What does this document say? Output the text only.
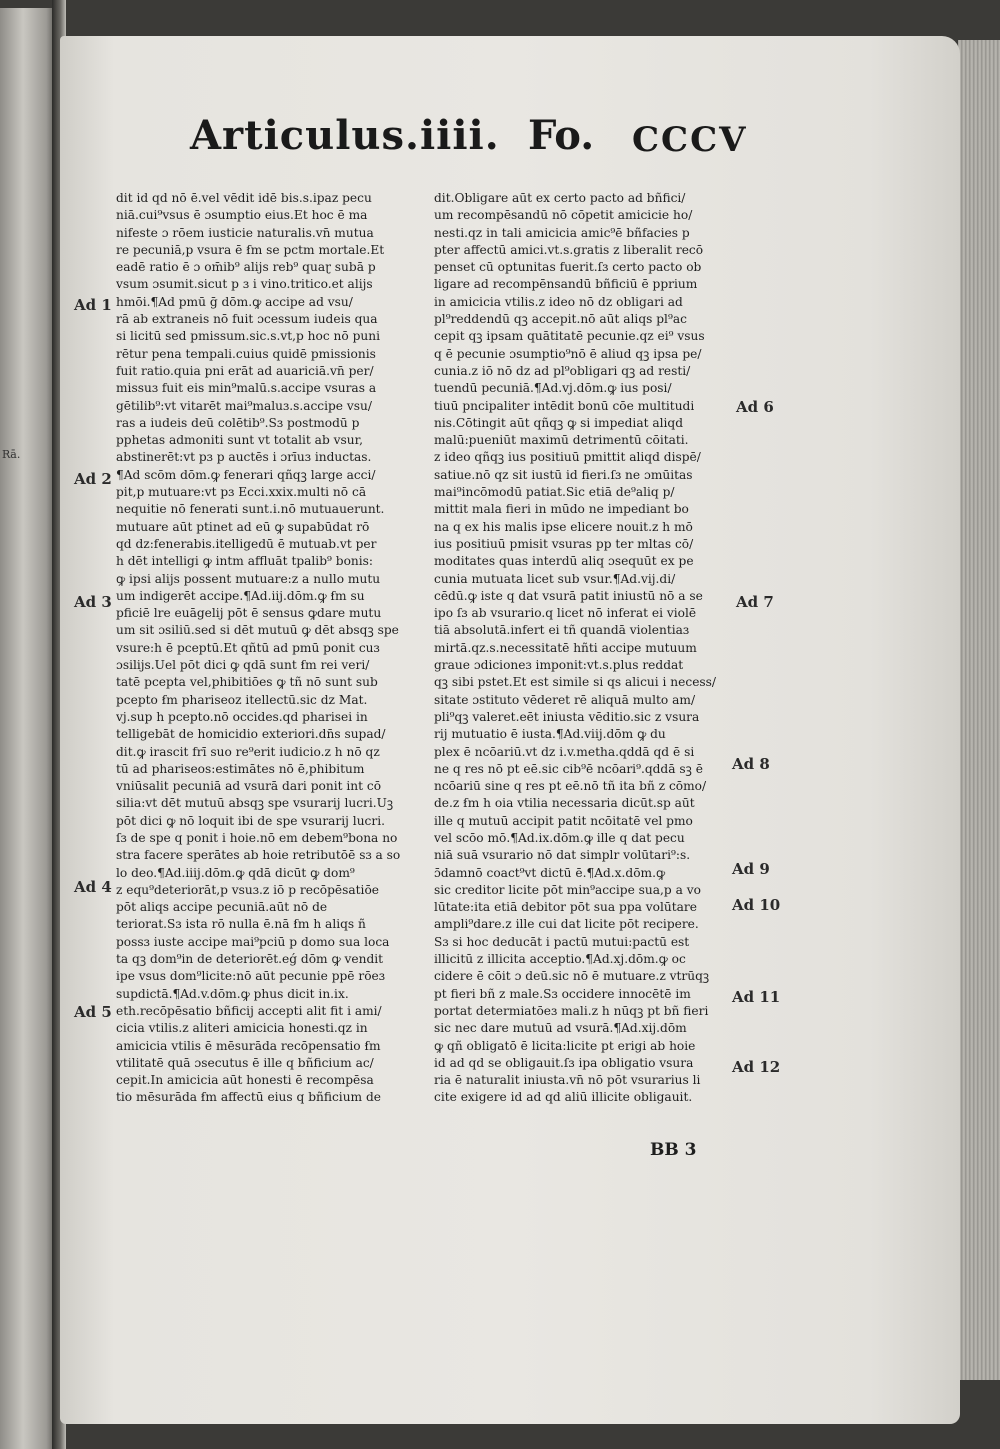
Rā.
Articulus.iiii. Fo. CCCV
dit id qd nō ē.vel vēdit idē bis.s.ipaz pecu
niā.cui⁹vsus ē ɔsumptio eius.Et hoc ē ma
nifeste ɔ rōem iusticie naturalis.vn̄ mutua
re pecuniā,p vsura ē ẜm se pctm mortale.Et
eadē ratio ē ɔ om̄ib⁹ alijs reb⁹ quaɽ subā p
vsum ɔsumit.sicut p ɜ i vino.tritico.et alijs
hmōi.¶Ad pmū ḡ dōm.ꝙ accipe ad vsu/
rā ab extraneis nō fuit ɔcessum iudeis qua
si licitū sed pmissum.sic.s.vt,p hoc nō puni
rētur pena tempali.cuius quidē pmissionis
fuit ratio.quia pni erāt ad auariciā.vn̄ per/
missuɜ fuit eis min⁹malū.s.accipe vsuras a
gētilib⁹:vt vitarēt mai⁹maluɜ.s.accipe vsu/
ras a iudeis deū colētib⁹.Sɜ postmodū p
pphetas admoniti sunt vt totalit ab vsur,
abstinerēt:vt pɜ p auctēs i ɔrīuɜ inductas.
¶Ad scōm dōm.ꝙ fenerari qñqꝫ large acci/
pit,p mutuare:vt pɜ Ecci.xxix.multi nō cā
nequitie nō fenerati sunt.i.nō mutuauerunt.
mutuare aūt ptinet ad eū ꝙ supabūdat rō
qd dz:fenerabis.itelligedū ē mutuab.vt per
h dēt intelligi ꝙ intm affluāt tpalib⁹ bonis:
ꝙ ipsi alijs possent mutuare:z a nullo mutu
um indigerēt accipe.¶Ad.iij.dōm.ꝙ ẜm su
pficiē lre euāgelij pōt ē sensus ꝙdare mutu
um sit ɔsiliū.sed si dēt mutuū ꝙ dēt absqꝫ spe
vsure:h ē pceptū.Et qñtū ad pmū ponit cuɜ
ɔsilijs.Uel pōt dici ꝙ qdā sunt ẜm rei veri/
tatē pcepta vel,phibitiōes ꝙ tñ nō sunt sub
pcepto ẜm phariseoz itellectū.sic dz Mat.
vj.sup h pcepto.nō occides.qd pharisei in
telligebāt de homicidio exteriori.dn̄s supad/
dit.ꝙ irascit frī suo re⁹erit iudicio.z h nō qz
tū ad phariseos:estimātes nō ē,phibitum
vniūsalit pecuniā ad vsurā dari ponit int cō
silia:vt dēt mutuū absqꝫ spe vsurarij lucri.Uꝫ
pōt dici ꝙ nō loquit ibi de spe vsurarij lucri.
ſɜ de spe q ponit i hoie.nō em debem⁹bona no
stra facere sperātes ab hoie retributōē sɜ a so
lo deo.¶Ad.iiij.dōm.ꝙ qdā dicūt ꝙ dom⁹
z equ⁹deteriorāt,p vsuɜ.z iō p recōpēsatiōe
pōt aliqs accipe pecuniā.aūt nō de
teriorat.Sɜ ista rō nulla ē.nā ẜm h aliqs ñ
possɜ iuste accipe mai⁹pciū p domo sua loca
ta qꝫ dom⁹in de deteriorēt.eǵ dōm ꝙ vendit
ipe vsus dom⁹licite:nō aūt pecunie ppē rōeɜ
supdictā.¶Ad.v.dōm.ꝙ phus dicit in.ix.
eth.recōpēsatio bñficij accepti alit fit i ami/
cicia vtilis.z aliteri amicicia honesti.qz in
amicicia vtilis ē mēsurāda recōpensatio ẜm
vtilitatē quā ɔsecutus ē ille q bñficium ac/
cepit.In amicicia aūt honesti ē recompēsa
tio mēsurāda ẜm affectū eius q bñficium de
dit.Obligare aūt ex certo pacto ad bñfici/
um recompēsandū nō cōpetit amicicie ho/
nesti.qz in tali amicicia amic⁹ē bñfacies p
pter affectū amici.vt.s.gratis z liberalit recō
penset cū optunitas fuerit.ſɜ certo pacto ob
ligare ad recompēnsandū bñficiū ē pprium
in amicicia vtilis.z ideo nō dz obligari ad
pl⁹reddendū qꝫ accepit.nō aūt aliqs pl⁹ac
cepit qꝫ ipsam quātitatē pecunie.qz ei⁹ vsus
q ē pecunie ɔsumptio⁹nō ē aliud qꝫ ipsa pe/
cunia.z iō nō dz ad pl⁹obligari qꝫ ad resti/
tuendū pecuniā.¶Ad.vj.dōm.ꝙ ius posi/
tiuū pncipaliter intēdit bonū cōe multitudi
nis.Cōtingit aūt qñqꝫ ꝙ si impediat aliqd
malū:pueniūt maximū detrimentū cōitati.
z ideo qñqꝫ ius positiuū pmittit aliqd dispē/
satiue.nō qz sit iustū id fieri.ſɜ ne ɔmūitas
mai⁹incōmodū patiat.Sic etiā de⁹aliq p/
mittit mala fieri in mūdo ne impediant bo
na q ex his malis ipse elicere nouit.z h mō
ius positiuū pmisit vsuras pp ter mltas cō/
moditates quas interdū aliq ɔsequūt ex pe
cunia mutuata licet sub vsur.¶Ad.vij.di/
cēdū.ꝙ iste q dat vsurā patit iniustū nō a se
ipo ſɜ ab vsurario.q licet nō inferat ei violē
tiā absolutā.infert ei tñ quandā violentiaɜ
mirtā.qz.s.necessitatē hñti accipe mutuum
graue ɔdicioneɜ imponit:vt.s.plus reddat
qꝫ sibi pstet.Et est simile si qs alicui i necess/
sitate ɔstituto vēderet rē aliquā multo am/
pli⁹qꝫ valeret.eēt iniusta vēditio.sic z vsura
rij mutuatio ē iusta.¶Ad.viij.dōm ꝙ du
plex ē ncōariū.vt dz i.v.metha.qddā qd ē si
ne q res nō pt eē.sic cib⁹ē ncōari⁹.qddā sꝫ ē
ncōariū sine q res pt eē.nō tñ ita bñ z cōmo/
de.z ẜm h oia vtilia necessaria dicūt.sp aūt
ille q mutuū accipit patit ncōitatē vel pmo
vel scōo mō.¶Ad.ix.dōm.ꝙ ille q dat pecu
niā suā vsurario nō dat simplr volūtari⁹:s.
ɔ̄damnō coact⁹vt dictū ē.¶Ad.x.dōm.ꝙ
sic creditor licite pōt min⁹accipe sua,p a vo
lūtate:ita etiā debitor pōt sua ppa volūtare
ampli⁹dare.z ille cui dat licite pōt recipere.
Sɜ si hoc deducāt i pactū mutui:pactū est
illicitū z illicita acceptio.¶Ad.xj.dōm.ꝙ oc
cidere ē cōit ɔ deū.sic nō ē mutuare.z vtrūqꝫ
pt fieri bñ z male.Sɜ occidere innocētē im
portat determiatōeɜ mali.z h nūqꝫ pt bñ fieri
sic nec dare mutuū ad vsurā.¶Ad.xij.dōm
ꝙ qñ obligatō ē licita:licite pt erigi ab hoie
id ad qd se obligauit.ſɜ ipa obligatio vsura
ria ē naturalit iniusta.vn̄ nō pōt vsurarius li
cite exigere id ad qd aliū illicite obligauit.
Ad 1
Ad 2
Ad 3
Ad 4
Ad 5
Ad 6
Ad 7
Ad 8
Ad 9
Ad 10
Ad 11
Ad 12
BB 3
